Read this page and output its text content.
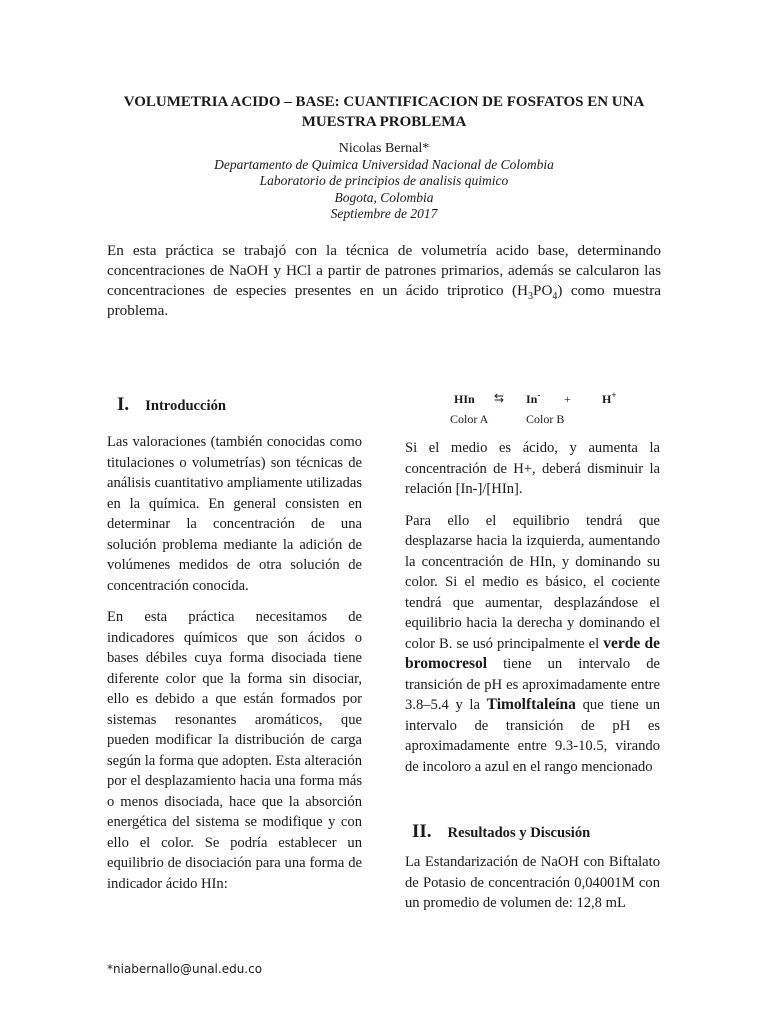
VOLUMETRIA ACIDO – BASE: CUANTIFICACION DE FOSFATOS EN UNA MUESTRA PROBLEMA
Nicolas Bernal*
Departamento de Quimica Universidad Nacional de Colombia
Laboratorio de principios de analisis quimico
Bogota, Colombia
Septiembre de 2017
En esta práctica se trabajó con la técnica de volumetría acido base, determinando concentraciones de NaOH y HCl a partir de patrones primarios, además se calcularon las concentraciones de especies presentes en un ácido triprotico $(H_3PO_4)$ como muestra problema.
I. Introducción

Las valoraciones (también conocidas como titulaciones o volumetrías) son técnicas de análisis cuantitativo ampliamente utilizadas en la química. En general consisten en determinar la concentración de una solución problema mediante la adición de volúmenes medidos de otra solución de concentración conocida.

En esta práctica necesitamos de indicadores químicos que son ácidos o bases débiles cuya forma disociada tiene diferente color que la forma sin disociar, ello es debido a que están formados por sistemas resonantes aromáticos, que pueden modificar la distribución de carga según la forma que adopten. Esta alteración por el desplazamiento hacia una forma más o menos disociada, hace que la absorción energética del sistema se modifique y con ello el color. Se podría establecer un equilibrio de disociación para una forma de indicador ácido HIn:

HIn ⇆ In- +	H+
Color A	Color B

Si el medio es ácido, y aumenta la concentración de H+, deberá disminuir la relación [In-]/[HIn].

Para ello el equilibrio tendrá que desplazarse hacia la izquierda, aumentando la concentración de HIn, y dominando su color. Si el medio es básico, el cociente tendrá que aumentar, desplazándose el equilibrio hacia la derecha y dominando el color B. se usó principalmente el verde de bromocresol tiene un intervalo de transición de pH es aproximadamente entre 3.8–5.4 y la Timolftaleína que tiene un intervalo de transición de pH es aproximadamente entre 9.3-10.5, virando de incoloro a azul en el rango mencionado

II. Resultados y Discusión

La Estandarización de NaOH con Biftalato de Potasio de concentración 0,04001M con un promedio de volumen de: 12,8 mL

*niabernallo@unal.edu.co
